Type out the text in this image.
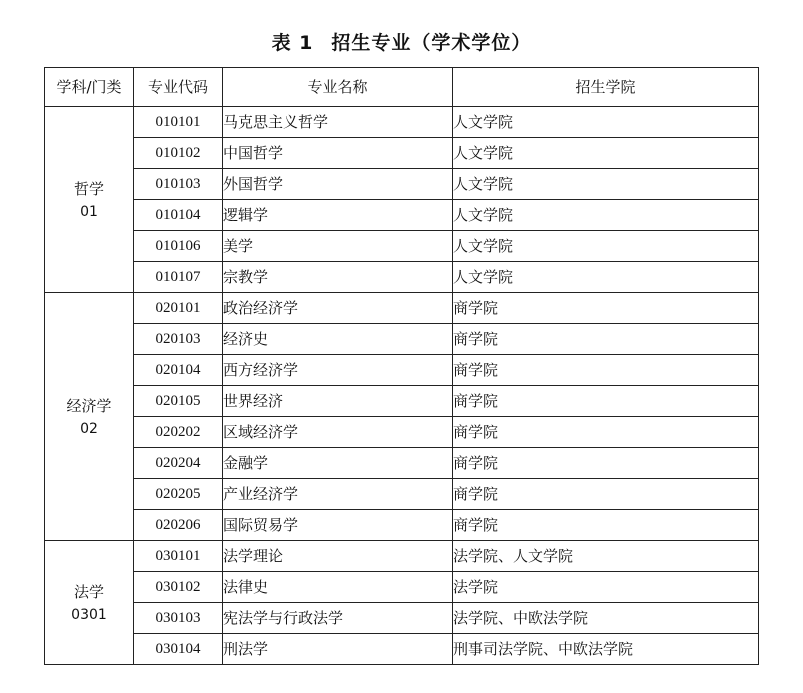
表 1 招生专业（学术学位）
学科/门类	专业代码	专业名称	招生学院

哲学
01	010101	马克思主义哲学	人文学院
	010102	中国哲学	人文学院
	010103	外国哲学	人文学院
	010104	逻辑学	人文学院
	010106	美学	人文学院
	010107	宗教学	人文学院

经济学
02	020101	政治经济学	商学院
	020103	经济史	商学院
	020104	西方经济学	商学院
	020105	世界经济	商学院
	020202	区域经济学	商学院
	020204	金融学	商学院
	020205	产业经济学	商学院
	020206	国际贸易学	商学院

法学
0301	030101	法学理论	法学院、人文学院
	030102	法律史	法学院
	030103	宪法学与行政法学	法学院、中欧法学院
	030104	刑法学	刑事司法学院、中欧法学院
